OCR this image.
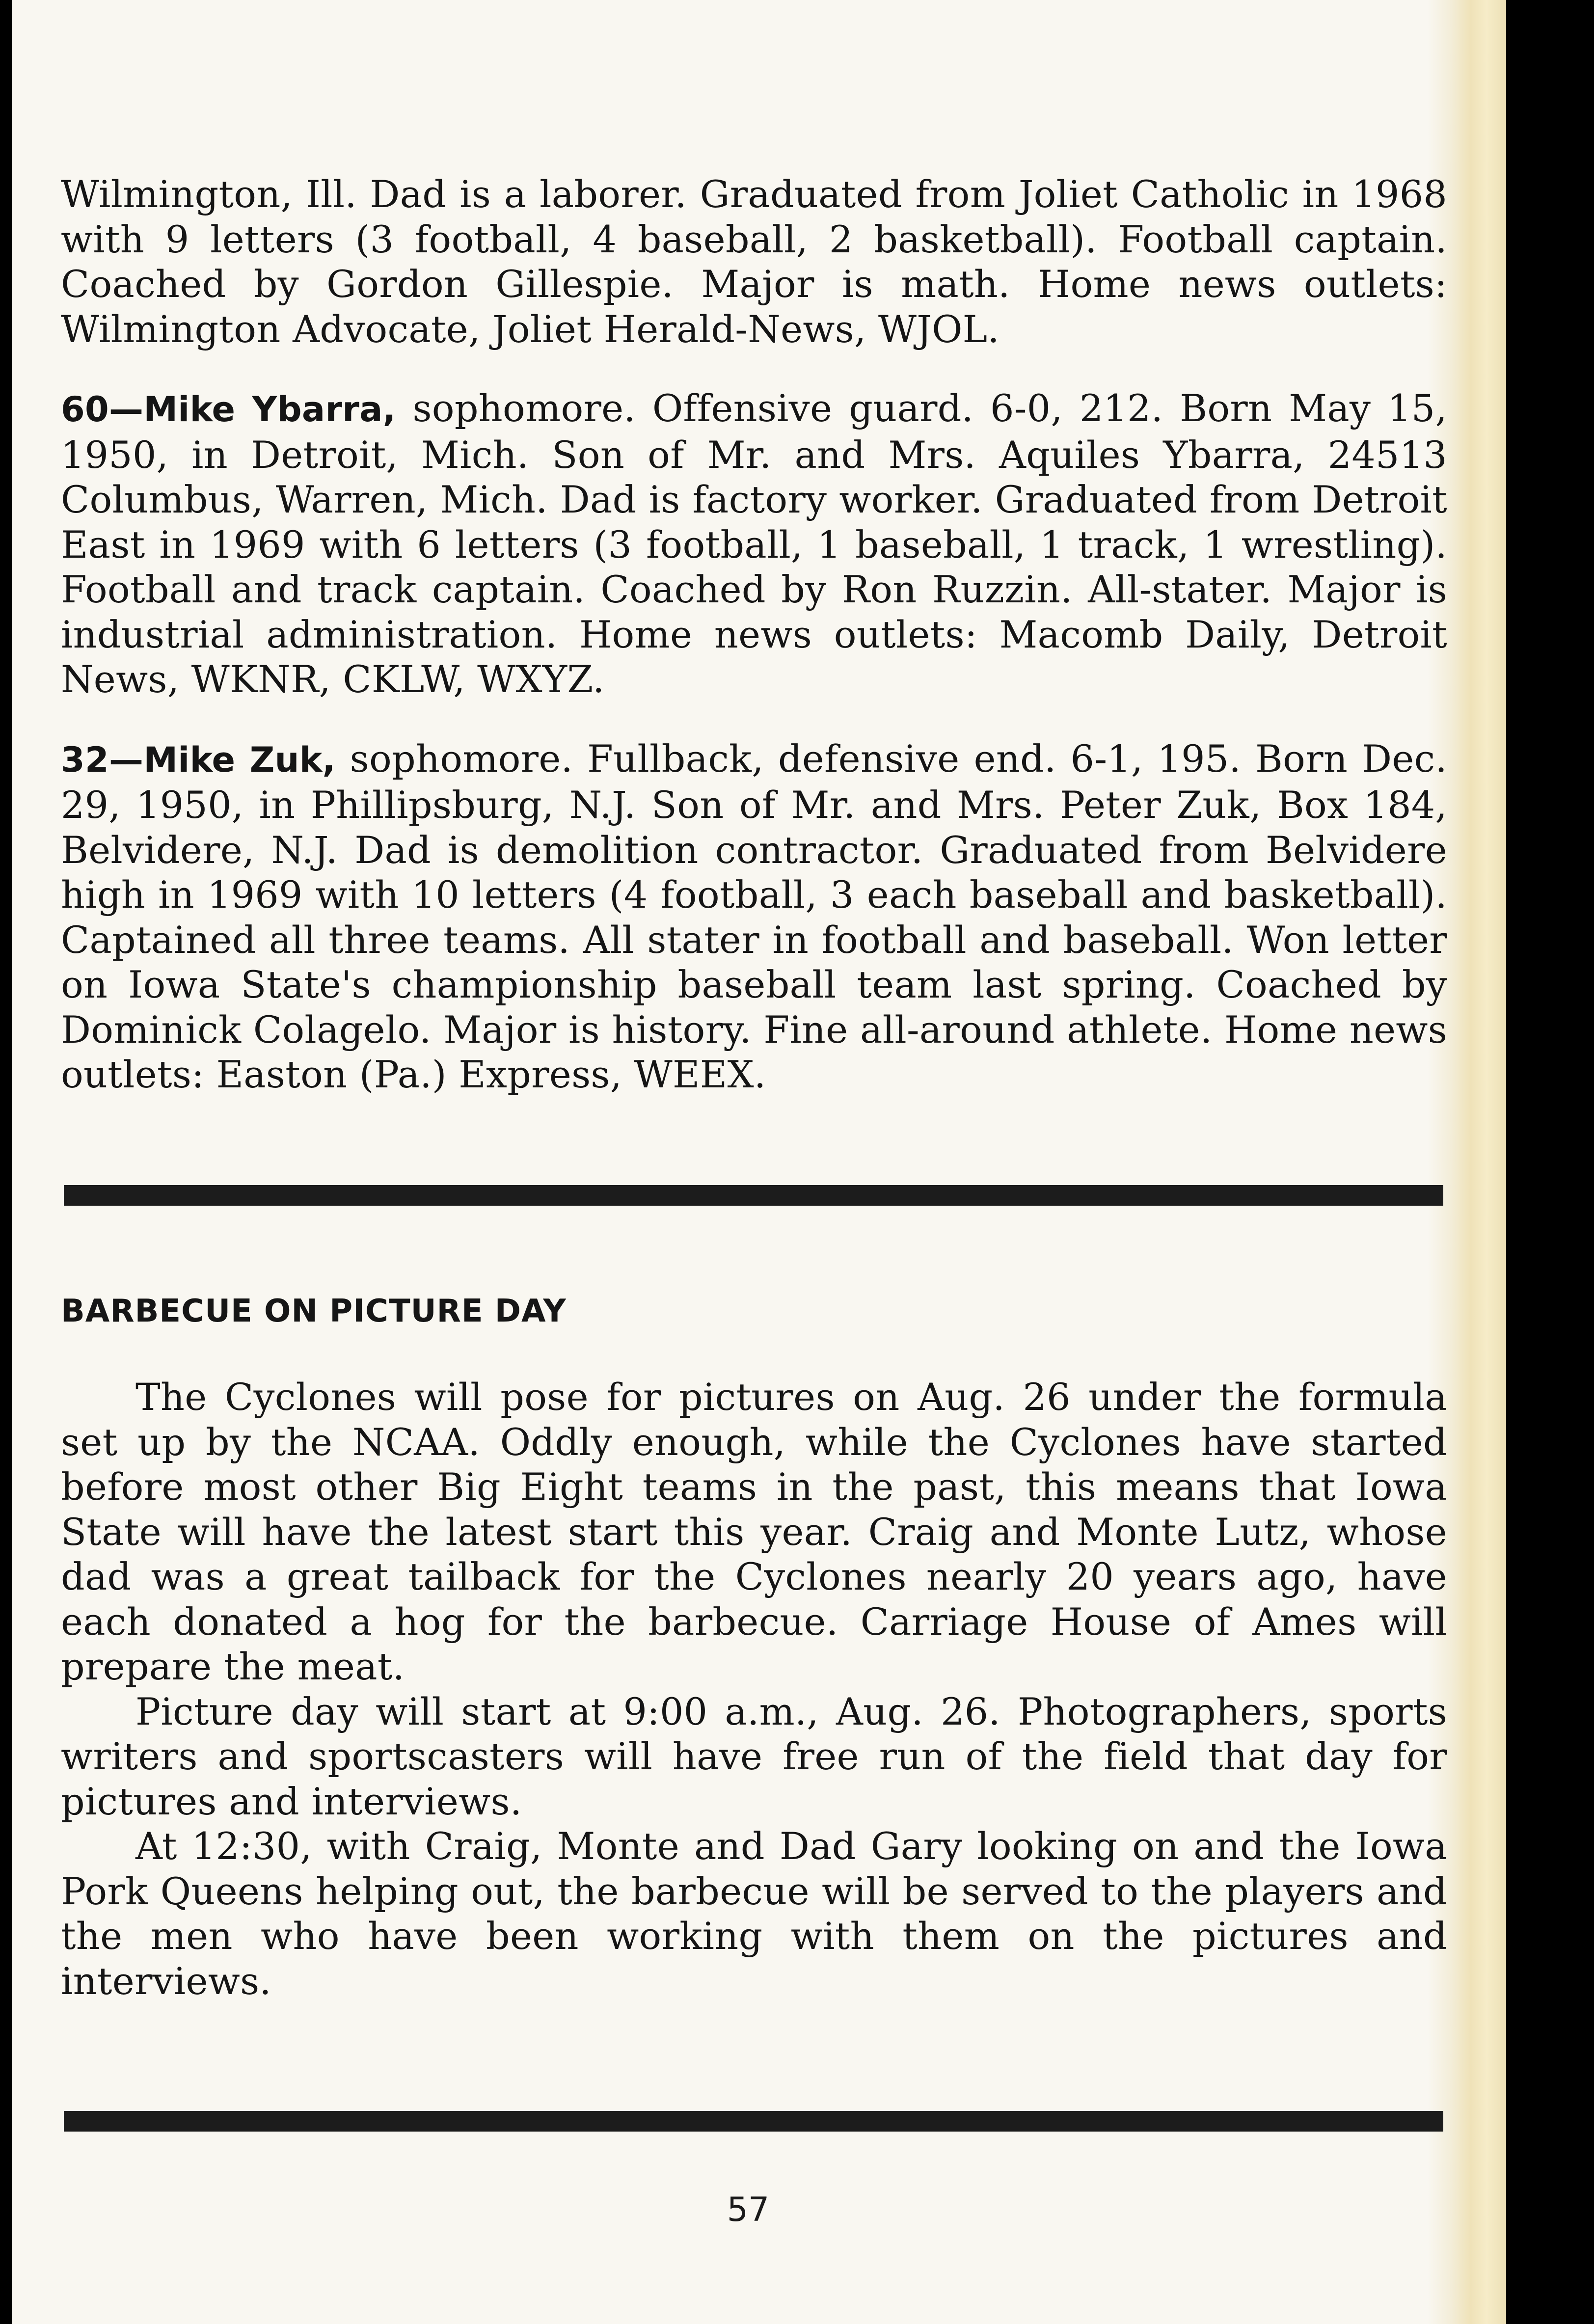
Wilmington, Ill. Dad is a laborer. Graduated from Joliet Catholic in 1968 with 9 letters (3 football, 4 baseball, 2 basketball). Football captain. Coached by Gordon Gillespie. Major is math. Home news outlets: Wilmington Advocate, Joliet Herald-News, WJOL.

60—Mike Ybarra, sophomore. Offensive guard. 6-0, 212. Born May 15, 1950, in Detroit, Mich. Son of Mr. and Mrs. Aquiles Ybarra, 24513 Columbus, Warren, Mich. Dad is factory worker. Graduated from Detroit East in 1969 with 6 letters (3 football, 1 baseball, 1 track, 1 wrestling). Football and track captain. Coached by Ron Ruzzin. All-stater. Major is industrial administration. Home news outlets: Macomb Daily, Detroit News, WKNR, CKLW, WXYZ.

32—Mike Zuk, sophomore. Fullback, defensive end. 6-1, 195. Born Dec. 29, 1950, in Phillipsburg, N.J. Son of Mr. and Mrs. Peter Zuk, Box 184, Belvidere, N.J. Dad is demolition contractor. Graduated from Belvidere high in 1969 with 10 letters (4 football, 3 each baseball and basketball). Captained all three teams. All stater in football and baseball. Won letter on Iowa State's championship baseball team last spring. Coached by Dominick Colagelo. Major is history. Fine all-around athlete. Home news outlets: Easton (Pa.) Express, WEEX.

BARBECUE ON PICTURE DAY

The Cyclones will pose for pictures on Aug. 26 under the formula set up by the NCAA. Oddly enough, while the Cyclones have started before most other Big Eight teams in the past, this means that Iowa State will have the latest start this year. Craig and Monte Lutz, whose dad was a great tailback for the Cyclones nearly 20 years ago, have each donated a hog for the barbecue. Carriage House of Ames will prepare the meat.

Picture day will start at 9:00 a.m., Aug. 26. Photographers, sports writers and sportscasters will have free run of the field that day for pictures and interviews.

At 12:30, with Craig, Monte and Dad Gary looking on and the Iowa Pork Queens helping out, the barbecue will be served to the players and the men who have been working with them on the pictures and interviews.

57
